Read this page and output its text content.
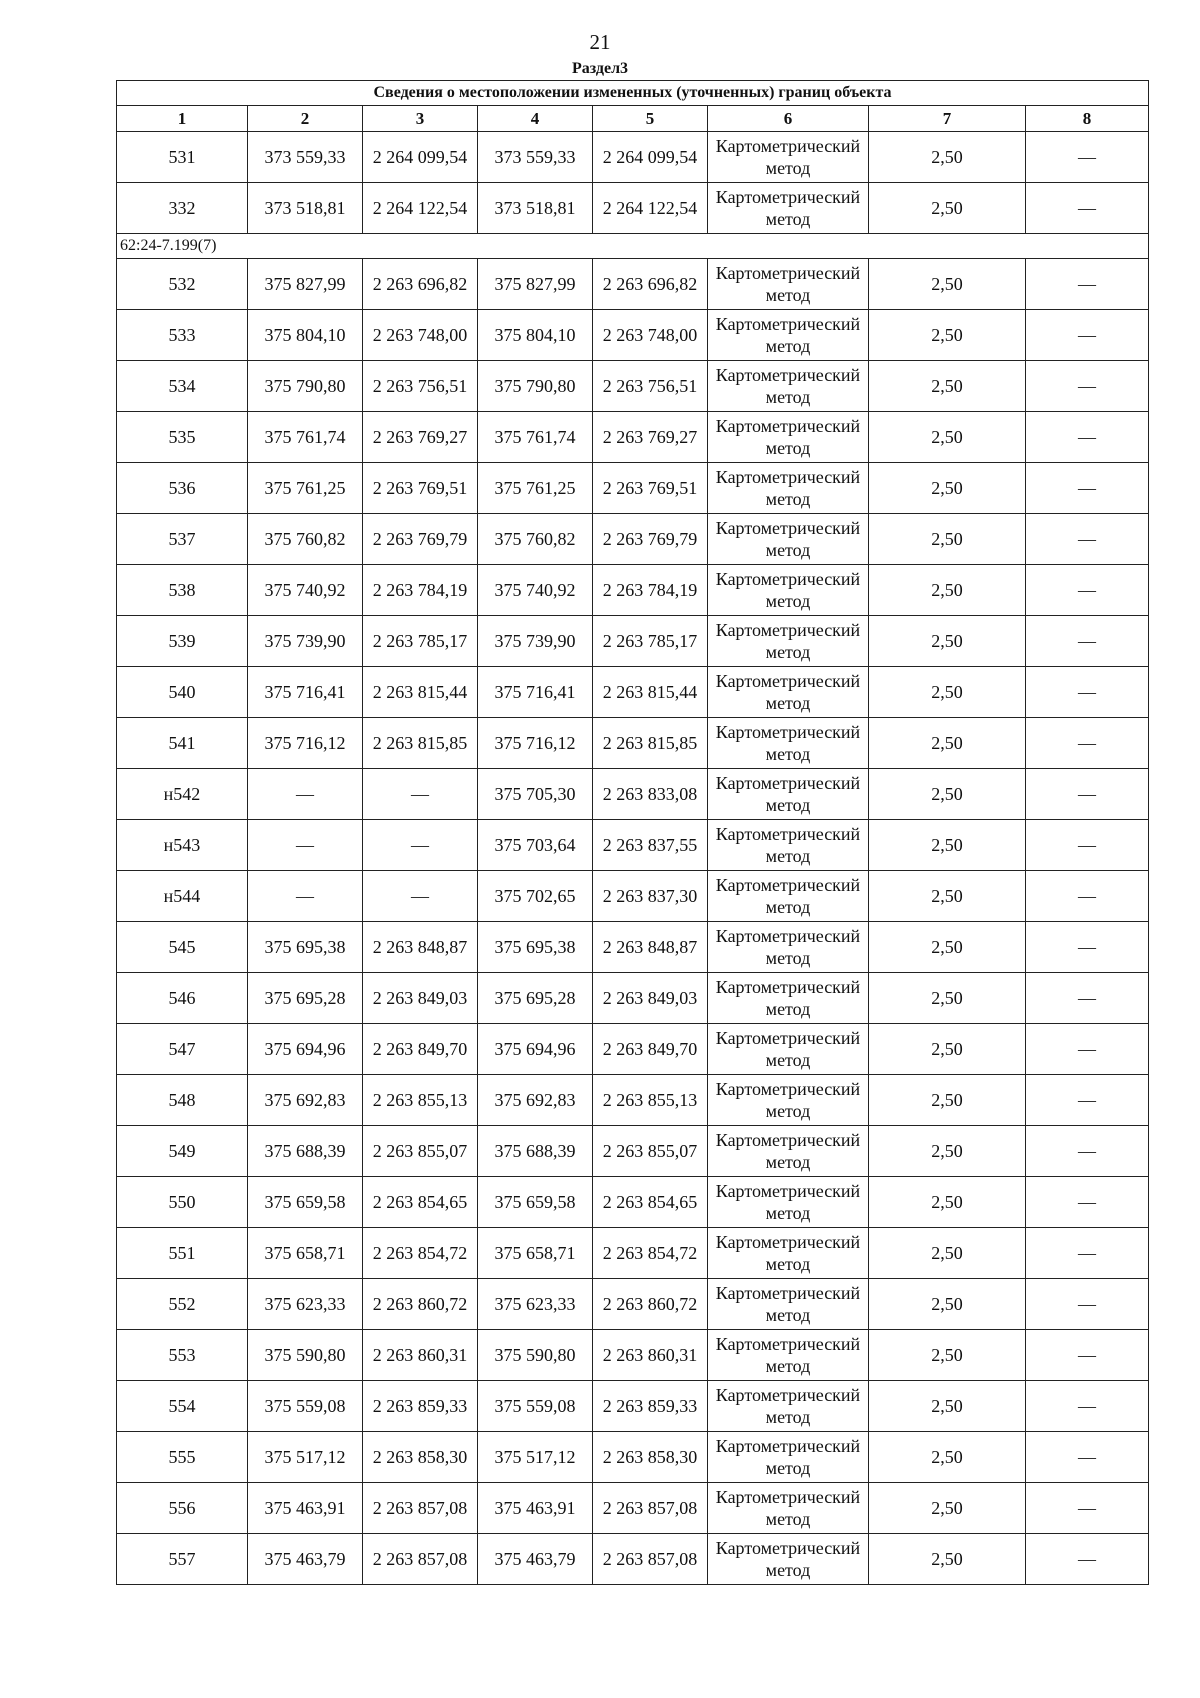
21
Раздел3
Сведения о местоположении измененных (уточненных) границ объекта							
1	2	3	4	5	6	7	8
531	373 559,33	2 264 099,54	373 559,33	2 264 099,54	Картометрический метод	2,50	—
332	373 518,81	2 264 122,54	373 518,81	2 264 122,54	Картометрический метод	2,50	—
62:24-7.199(7)							
532	375 827,99	2 263 696,82	375 827,99	2 263 696,82	Картометрический метод	2,50	—
533	375 804,10	2 263 748,00	375 804,10	2 263 748,00	Картометрический метод	2,50	—
534	375 790,80	2 263 756,51	375 790,80	2 263 756,51	Картометрический метод	2,50	—
535	375 761,74	2 263 769,27	375 761,74	2 263 769,27	Картометрический метод	2,50	—
536	375 761,25	2 263 769,51	375 761,25	2 263 769,51	Картометрический метод	2,50	—
537	375 760,82	2 263 769,79	375 760,82	2 263 769,79	Картометрический метод	2,50	—
538	375 740,92	2 263 784,19	375 740,92	2 263 784,19	Картометрический метод	2,50	—
539	375 739,90	2 263 785,17	375 739,90	2 263 785,17	Картометрический метод	2,50	—
540	375 716,41	2 263 815,44	375 716,41	2 263 815,44	Картометрический метод	2,50	—
541	375 716,12	2 263 815,85	375 716,12	2 263 815,85	Картометрический метод	2,50	—
н542	—	—	375 705,30	2 263 833,08	Картометрический метод	2,50	—
н543	—	—	375 703,64	2 263 837,55	Картометрический метод	2,50	—
н544	—	—	375 702,65	2 263 837,30	Картометрический метод	2,50	—
545	375 695,38	2 263 848,87	375 695,38	2 263 848,87	Картометрический метод	2,50	—
546	375 695,28	2 263 849,03	375 695,28	2 263 849,03	Картометрический метод	2,50	—
547	375 694,96	2 263 849,70	375 694,96	2 263 849,70	Картометрический метод	2,50	—
548	375 692,83	2 263 855,13	375 692,83	2 263 855,13	Картометрический метод	2,50	—
549	375 688,39	2 263 855,07	375 688,39	2 263 855,07	Картометрический метод	2,50	—
550	375 659,58	2 263 854,65	375 659,58	2 263 854,65	Картометрический метод	2,50	—
551	375 658,71	2 263 854,72	375 658,71	2 263 854,72	Картометрический метод	2,50	—
552	375 623,33	2 263 860,72	375 623,33	2 263 860,72	Картометрический метод	2,50	—
553	375 590,80	2 263 860,31	375 590,80	2 263 860,31	Картометрический метод	2,50	—
554	375 559,08	2 263 859,33	375 559,08	2 263 859,33	Картометрический метод	2,50	—
555	375 517,12	2 263 858,30	375 517,12	2 263 858,30	Картометрический метод	2,50	—
556	375 463,91	2 263 857,08	375 463,91	2 263 857,08	Картометрический метод	2,50	—
557	375 463,79	2 263 857,08	375 463,79	2 263 857,08	Картометрический метод	2,50	—
